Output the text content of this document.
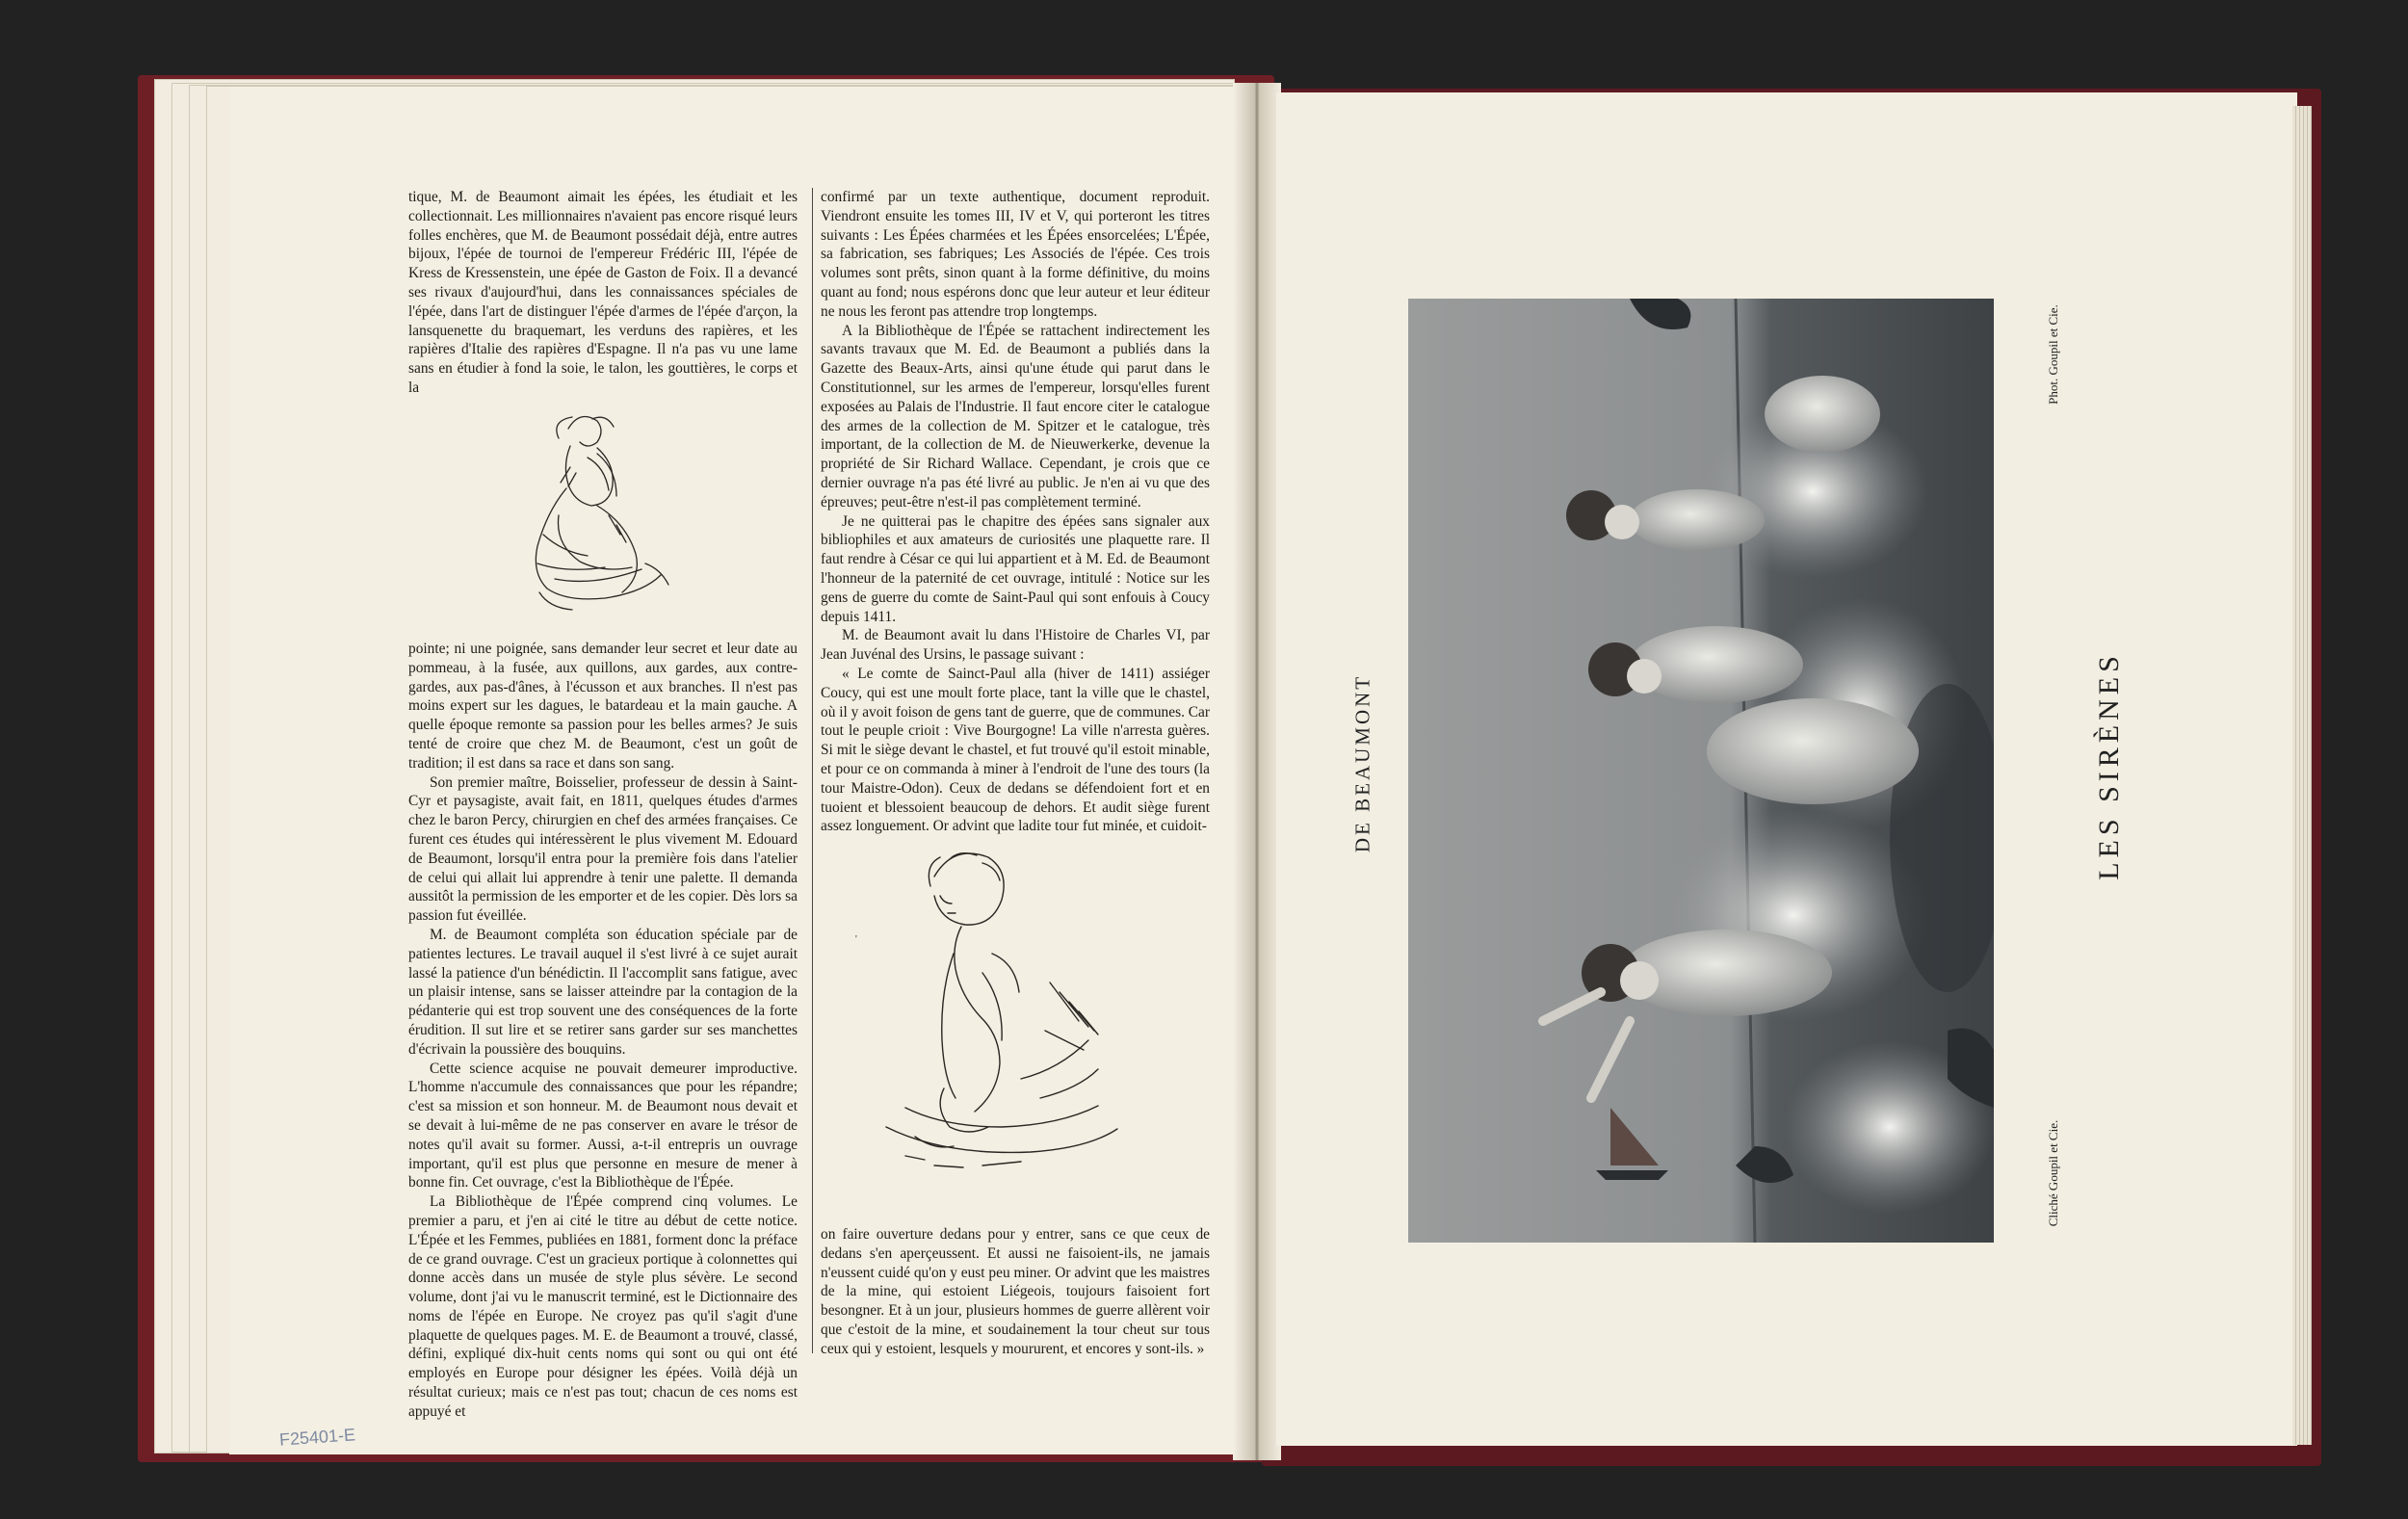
tique, M. de Beaumont aimait les épées, les étudiait et les collectionnait. Les millionnaires n'avaient pas encore risqué leurs folles enchères, que M. de Beaumont possédait déjà, entre autres bijoux, l'épée de tournoi de l'empereur Frédéric III, l'épée de Kress de Kressenstein, une épée de Gaston de Foix. Il a devancé ses rivaux d'aujourd'hui, dans les connaissances spéciales de l'épée, dans l'art de distinguer l'épée d'armes de l'épée d'arçon, la lansquenette du braquemart, les verduns des rapières, et les rapières d'Italie des rapières d'Espagne. Il n'a pas vu une lame sans en étudier à fond la soie, le talon, les gouttières, le corps et la

pointe; ni une poignée, sans demander leur secret et leur date au pommeau, à la fusée, aux quillons, aux gardes, aux contre-gardes, aux pas-d'ânes, à l'écusson et aux branches. Il n'est pas moins expert sur les dagues, le batardeau et la main gauche. A quelle époque remonte sa passion pour les belles armes? Je suis tenté de croire que chez M. de Beaumont, c'est un goût de tradition; il est dans sa race et dans son sang.

Son premier maître, Boisselier, professeur de dessin à Saint-Cyr et paysagiste, avait fait, en 1811, quelques études d'armes chez le baron Percy, chirurgien en chef des armées françaises. Ce furent ces études qui intéressèrent le plus vivement M. Edouard de Beaumont, lorsqu'il entra pour la première fois dans l'atelier de celui qui allait lui apprendre à tenir une palette. Il demanda aussitôt la permission de les emporter et de les copier. Dès lors sa passion fut éveillée.

M. de Beaumont compléta son éducation spéciale par de patientes lectures. Le travail auquel il s'est livré à ce sujet aurait lassé la patience d'un bénédictin. Il l'accomplit sans fatigue, avec un plaisir intense, sans se laisser atteindre par la contagion de la pédanterie qui est trop souvent une des conséquences de la forte érudition. Il sut lire et se retirer sans garder sur ses manchettes d'écrivain la poussière des bouquins.

Cette science acquise ne pouvait demeurer improductive. L'homme n'accumule des connaissances que pour les répandre; c'est sa mission et son honneur. M. de Beaumont nous devait et se devait à lui-même de ne pas conserver en avare le trésor de notes qu'il avait su former. Aussi, a-t-il entrepris un ouvrage important, qu'il est plus que personne en mesure de mener à bonne fin. Cet ouvrage, c'est la Bibliothèque de l'Épée.

La Bibliothèque de l'Épée comprend cinq volumes. Le premier a paru, et j'en ai cité le titre au début de cette notice. L'Épée et les Femmes, publiées en 1881, forment donc la préface de ce grand ouvrage. C'est un gracieux portique à colonnettes qui donne accès dans un musée de style plus sévère. Le second volume, dont j'ai vu le manuscrit terminé, est le Dictionnaire des noms de l'épée en Europe. Ne croyez pas qu'il s'agit d'une plaquette de quelques pages. M. E. de Beaumont a trouvé, classé, défini, expliqué dix-huit cents noms qui sont ou qui ont été employés en Europe pour désigner les épées. Voilà déjà un résultat curieux; mais ce n'est pas tout; chacun de ces noms est appuyé et

confirmé par un texte authentique, document reproduit. Viendront ensuite les tomes III, IV et V, qui porteront les titres suivants : Les Épées charmées et les Épées ensorcelées; L'Épée, sa fabrication, ses fabriques; Les Associés de l'épée. Ces trois volumes sont prêts, sinon quant à la forme définitive, du moins quant au fond; nous espérons donc que leur auteur et leur éditeur ne nous les feront pas attendre trop longtemps.

A la Bibliothèque de l'Épée se rattachent indirectement les savants travaux que M. Ed. de Beaumont a publiés dans la Gazette des Beaux-Arts, ainsi qu'une étude qui parut dans le Constitutionnel, sur les armes de l'empereur, lorsqu'elles furent exposées au Palais de l'Industrie. Il faut encore citer le catalogue des armes de la collection de M. Spitzer et le catalogue, très important, de la collection de M. de Nieuwerkerke, devenue la propriété de Sir Richard Wallace. Cependant, je crois que ce dernier ouvrage n'a pas été livré au public. Je n'en ai vu que des épreuves; peut-être n'est-il pas complètement terminé.

Je ne quitterai pas le chapitre des épées sans signaler aux bibliophiles et aux amateurs de curiosités une plaquette rare. Il faut rendre à César ce qui lui appartient et à M. Ed. de Beaumont l'honneur de la paternité de cet ouvrage, intitulé : Notice sur les gens de guerre du comte de Saint-Paul qui sont enfouis à Coucy depuis 1411.

M. de Beaumont avait lu dans l'Histoire de Charles VI, par Jean Juvénal des Ursins, le passage suivant :

« Le comte de Sainct-Paul alla (hiver de 1411) assiéger Coucy, qui est une moult forte place, tant la ville que le chastel, où il y avoit foison de gens tant de guerre, que de communes. Car tout le peuple crioit : Vive Bourgogne! La ville n'arresta guères. Si mit le siège devant le chastel, et fut trouvé qu'il estoit minable, et pour ce on commanda à miner à l'endroit de l'une des tours (la tour Maistre-Odon). Ceux de dedans se défendoient fort et en tuoient et blessoient beaucoup de dehors. Et audit siège furent assez longuement. Or advint que ladite tour fut minée, et cuidoit-

'

on faire ouverture dedans pour y entrer, sans ce que ceux de dedans s'en aperçeussent. Et aussi ne faisoient-ils, ne jamais n'eussent cuidé qu'on y eust peu miner. Or advint que les maistres de la mine, qui estoient Liégeois, toujours faisoient fort besongner. Et à un jour, plusieurs hommes de guerre allèrent voir que c'estoit de la mine, et soudainement la tour cheut sur tous ceux qui y estoient, lesquels y moururent, et encores y sont-ils. »

F25401-E
DE BEAUMONT	LES SIRÈNES
Phot. Goupil et Cie.
Cliché Goupil et Cie.
